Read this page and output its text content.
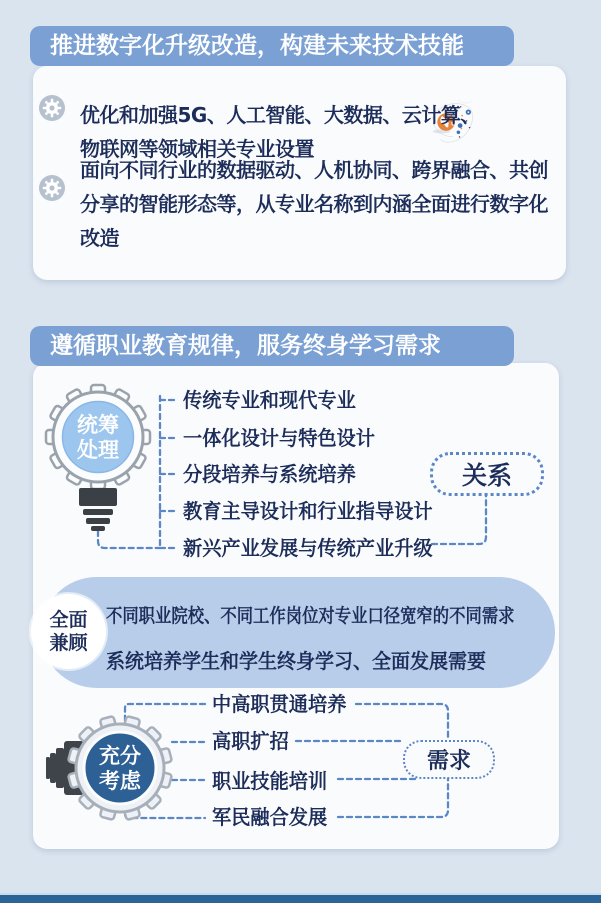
推进数字化升级改造，构建未来技术技能
遵循职业教育规律，服务终身学习需求
优化和加强5G、人工智能、大数据、云计算、
物联网等领域相关专业设置
面向不同行业的数据驱动、人机协同、跨界融合、共创
分享的智能形态等，从专业名称到内涵全面进行数字化
改造
统筹
处理
传统专业和现代专业
一体化设计与特色设计
分段培养与系统培养
教育主导设计和行业指导设计
新兴产业发展与传统产业升级
关系
全面
兼顾
不同职业院校、不同工作岗位对专业口径宽窄的不同需求
系统培养学生和学生终身学习、全面发展需要
充分
考虑
中高职贯通培养
高职扩招
职业技能培训
军民融合发展
需求
